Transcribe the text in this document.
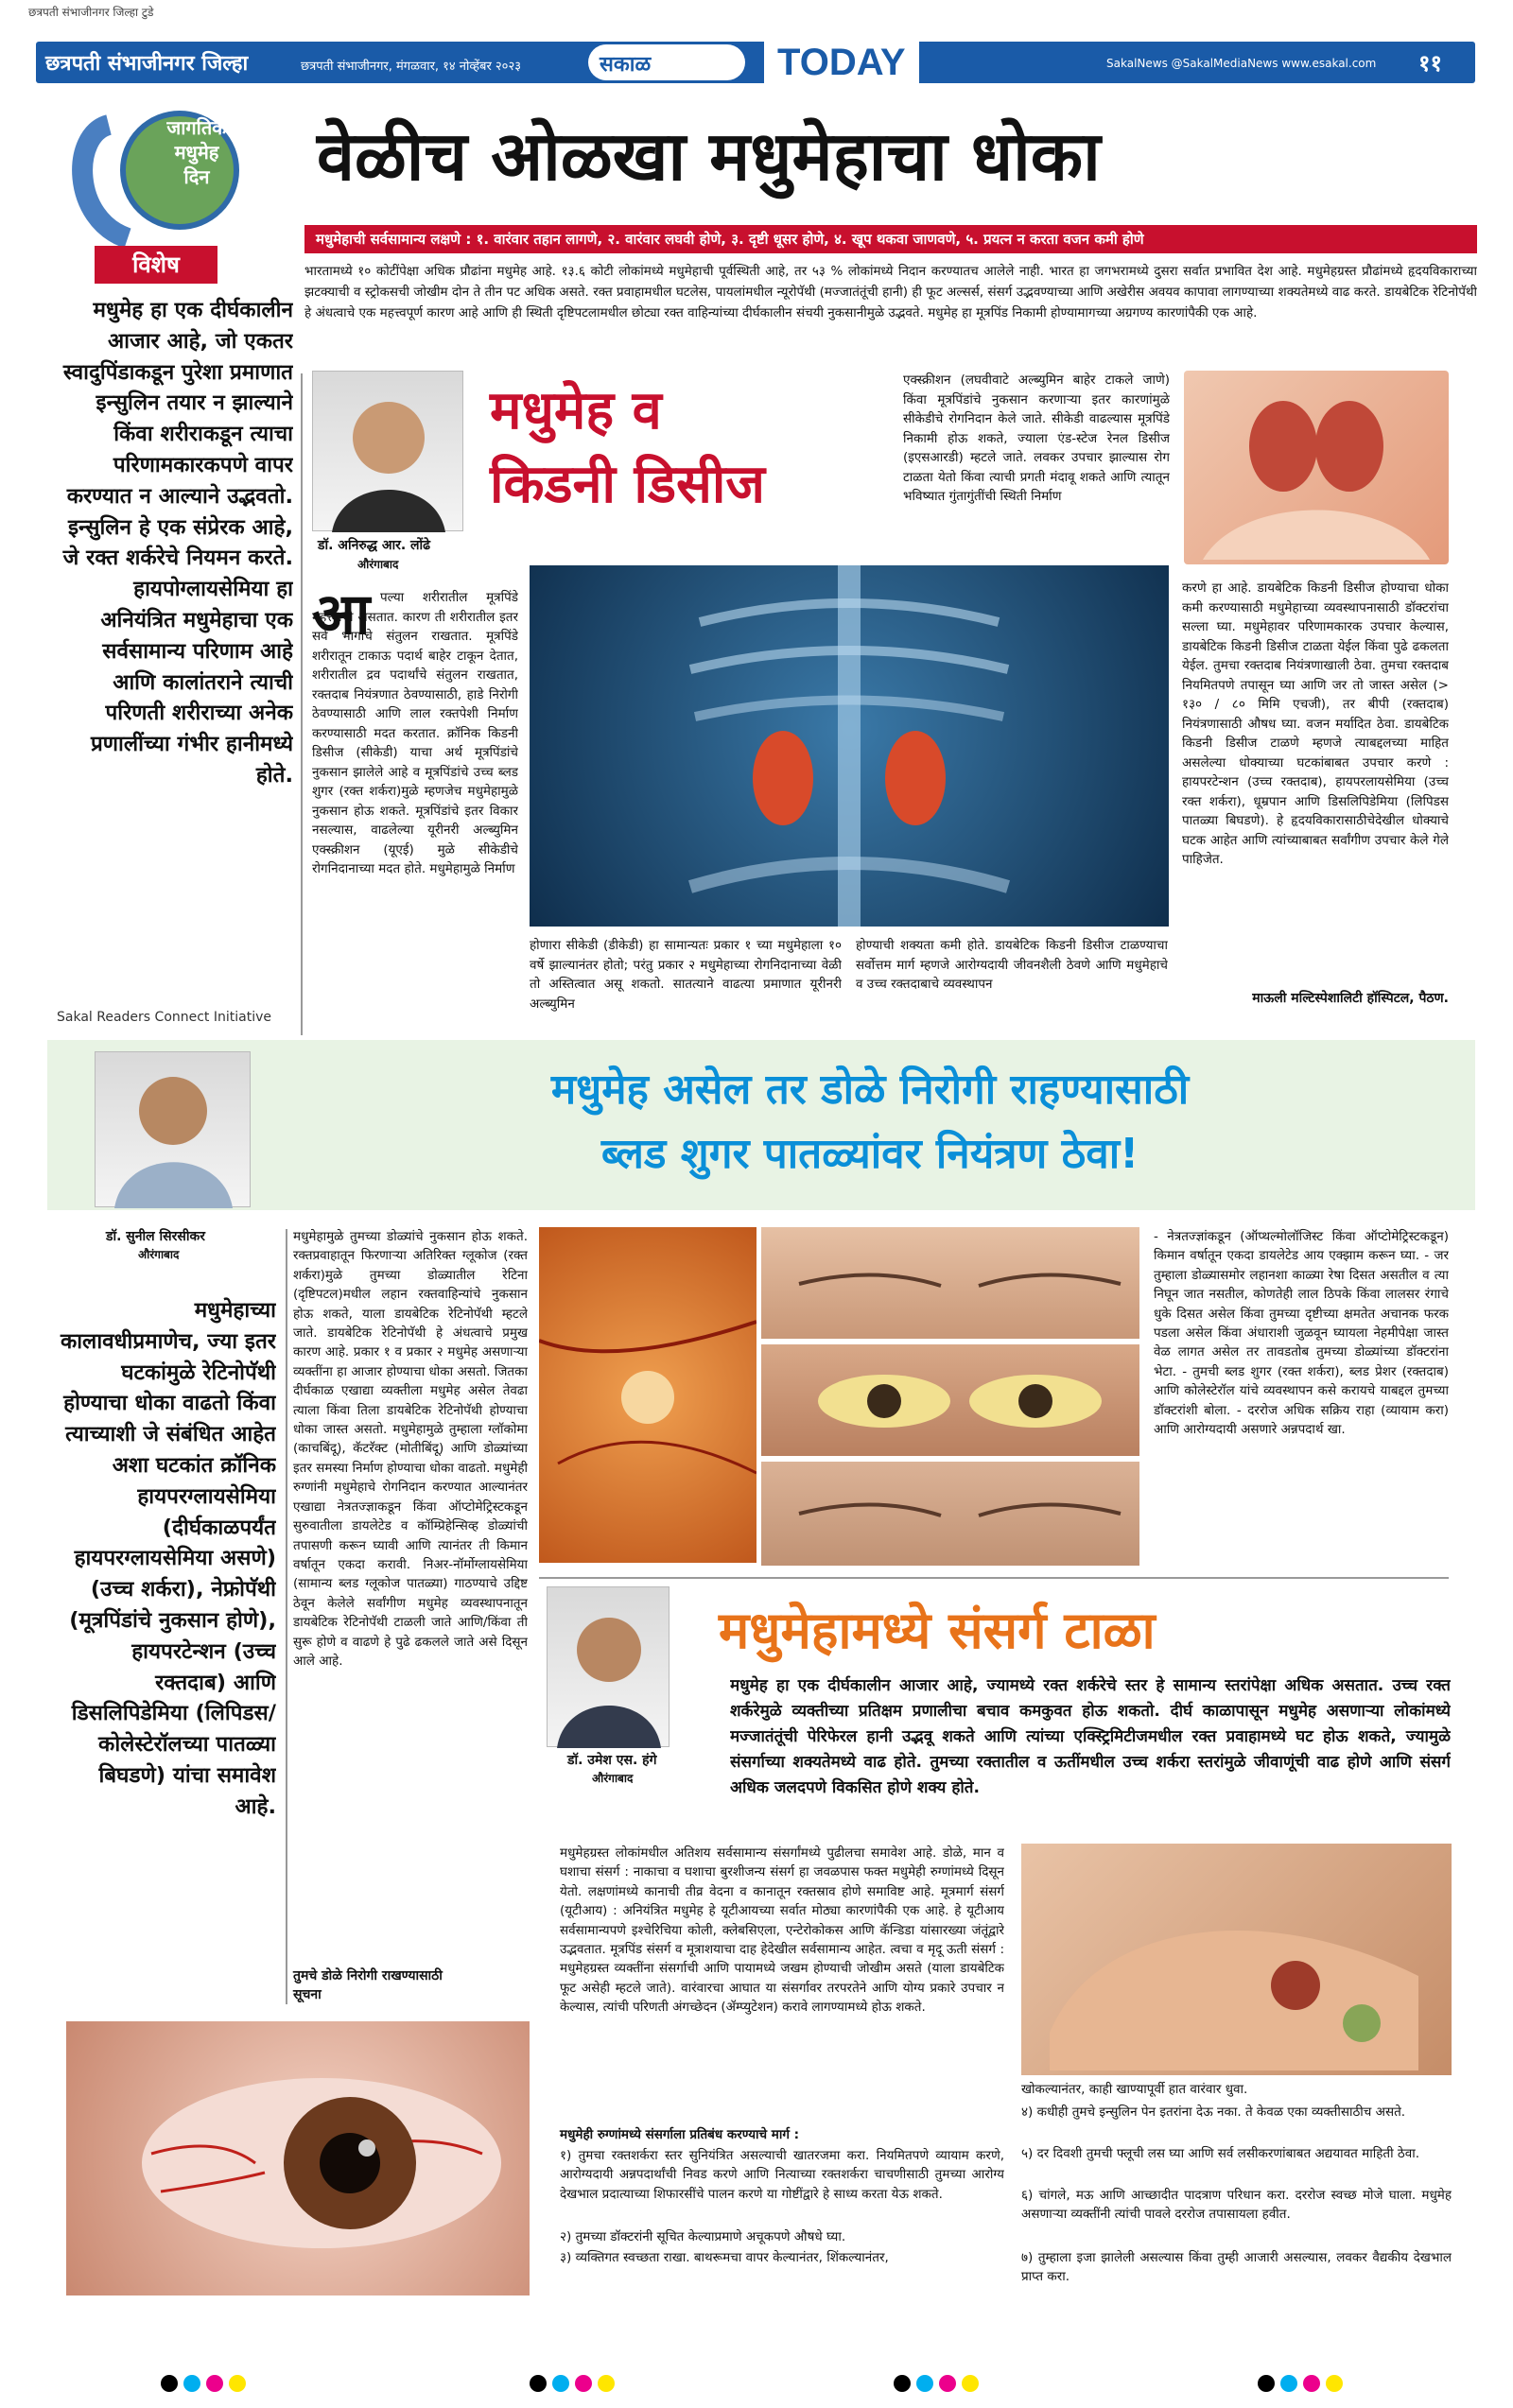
छत्रपती संभाजीनगर जिल्हा टुडे
छत्रपती संभाजीनगर जिल्हा	छत्रपती संभाजीनगर, मंगळवार, १४ नोव्हेंबर २०२३	सकाळ	TODAY	SakalNews @SakalMediaNews www.esakal.com ११
जागतिक
मधुमेह
दिन
विशेष
वेळीच ओळखा मधुमेहाचा धोका
मधुमेहाची सर्वसामान्य लक्षणे : १. वारंवार तहान लागणे, २. वारंवार लघवी होणे, ३. दृष्टी धूसर होणे, ४. खूप थकवा जाणवणे, ५. प्रयत्न न करता वजन कमी होणे
भारतामध्ये १० कोटींपेक्षा अधिक प्रौढांना मधुमेह आहे. १३.६ कोटी लोकांमध्ये मधुमेहाची पूर्वस्थिती आहे, तर ५३ % लोकांमध्ये निदान करण्यातच आलेले नाही. भारत हा जगभरामध्ये दुसरा सर्वात प्रभावित देश आहे. मधुमेहग्रस्त प्रौढांमध्ये हृदयविकाराच्या झटक्याची व स्ट्रोकसची जोखीम दोन ते तीन पट अधिक असते. रक्त प्रवाहामधील घटलेस, पायलांमधील न्यूरोपॅथी (मज्जातंतूंची हानी) ही फूट अल्सर्स, संसर्ग उद्भवण्याच्या आणि अखेरीस अवयव कापावा लागण्याच्या शक्यतेमध्ये वाढ करते. डायबेटिक रेटिनोपॅथी हे अंधत्वाचे एक महत्त्वपूर्ण कारण आहे आणि ही स्थिती दृष्टिपटलामधील छोट्या रक्त वाहिन्यांच्या दीर्घकालीन संचयी नुकसानीमुळे उद्भवते. मधुमेह हा मूत्रपिंड निकामी होण्यामागच्या अग्रगण्य कारणांपैकी एक आहे.
मधुमेह हा एक दीर्घकालीन आजार आहे, जो एकतर स्वादुपिंडाकडून पुरेशा प्रमाणात इन्सुलिन तयार न झाल्याने किंवा शरीराकडून त्याचा परिणामकारकपणे वापर करण्यात न आल्याने उद्भवतो. इन्सुलिन हे एक संप्रेरक आहे, जे रक्त शर्करेचे नियमन करते. हायपोग्लायसेमिया हा अनियंत्रित मधुमेहाचा एक सर्वसामान्य परिणाम आहे आणि कालांतराने त्याची परिणती शरीराच्या अनेक प्रणालींच्या गंभीर हानीमध्ये होते.
Sakal Readers Connect Initiative
डॉ. अनिरुद्ध आर. लोंढे
औरंगाबाद
मधुमेह व
किडनी डिसीज
आ पल्या शरीरातील मूत्रपिंडे महत्त्वाची असतात. कारण ती शरीरातील इतर सर्व भागांचे संतुलन राखतात. मूत्रपिंडे शरीरातून टाकाऊ पदार्थ बाहेर टाकून देतात, शरीरातील द्रव पदार्थांचे संतुलन राखतात, रक्तदाब नियंत्रणात ठेवण्यासाठी, हाडे निरोगी ठेवण्यासाठी आणि लाल रक्तपेशी निर्माण करण्यासाठी मदत करतात. क्रॉनिक किडनी डिसीज (सीकेडी) याचा अर्थ मूत्रपिंडांचे नुकसान झालेले आहे व मूत्रपिंडांचे उच्च ब्लड शुगर (रक्त शर्करा)मुळे म्हणजेच मधुमेहामुळे नुकसान होऊ शकते. मूत्रपिंडांचे इतर विकार नसल्यास, वाढलेल्या यूरीनरी अल्ब्युमिन एक्स्क्रीशन (यूएई) मुळे सीकेडीचे रोगनिदानाच्या मदत होते. मधुमेहामुळे निर्माण
एक्स्क्रीशन (लघवीवाटे अल्ब्युमिन बाहेर टाकले जाणे) किंवा मूत्रपिंडांचे नुकसान करणाऱ्या इतर कारणांमुळे सीकेडीचे रोगनिदान केले जाते. सीकेडी वाढल्यास मूत्रपिंडे निकामी होऊ शकते, ज्याला एंड-स्टेज रेनल डिसीज (इएसआरडी) म्हटले जाते. लवकर उपचार झाल्यास रोग टाळता येतो किंवा त्याची प्रगती मंदावू शकते आणि त्यातून भविष्यात गुंतागुंतींची स्थिती निर्माण
करणे हा आहे. डायबेटिक किडनी डिसीज होण्याचा धोका कमी करण्यासाठी मधुमेहाच्या व्यवस्थापनासाठी डॉक्टरांचा सल्ला घ्या. मधुमेहावर परिणामकारक उपचार केल्यास, डायबेटिक किडनी डिसीज टाळता येईल किंवा पुढे ढकलता येईल. तुमचा रक्तदाब नियंत्रणाखाली ठेवा. तुमचा रक्तदाब नियमितपणे तपासून घ्या आणि जर तो जास्त असेल (> १३० / ८० मिमि एचजी), तर बीपी (रक्तदाब) नियंत्रणासाठी औषध घ्या. वजन मर्यादित ठेवा. डायबेटिक किडनी डिसीज टाळणे म्हणजे त्याबद्दलच्या माहित असलेल्या धोक्याच्या घटकांबाबत उपचार करणे : हायपरटेन्शन (उच्च रक्तदाब), हायपरलायसेमिया (उच्च रक्त शर्करा), धूम्रपान आणि डिसलिपिडेमिया (लिपिडस पातळ्या बिघडणे). हे हृदयविकारासाठीचेदेखील धोक्याचे घटक आहेत आणि त्यांच्याबाबत सर्वांगीण उपचार केले गेले पाहिजेत.
होणारा सीकेडी (डीकेडी) हा सामान्यतः प्रकार १ च्या मधुमेहाला १० वर्षे झाल्यानंतर होतो; परंतु प्रकार २ मधुमेहाच्या रोगनिदानाच्या वेळी तो अस्तित्वात असू शकतो. सातत्याने वाढत्या प्रमाणात यूरीनरी अल्ब्युमिन
होण्याची शक्यता कमी होते. डायबेटिक किडनी डिसीज टाळण्याचा सर्वोत्तम मार्ग म्हणजे आरोग्यदायी जीवनशैली ठेवणे आणि मधुमेहाचे व उच्च रक्तदाबाचे व्यवस्थापन
माऊली मल्टिस्पेशालिटी हॉस्पिटल, पैठण.
मधुमेह असेल तर डोळे निरोगी राहण्यासाठी
ब्लड शुगर पातळ्यांवर नियंत्रण ठेवा!
डॉ. सुनील सिरसीकर
औरंगाबाद
मधुमेहाच्या कालावधीप्रमाणेच, ज्या इतर घटकांमुळे रेटिनोपॅथी होण्याचा धोका वाढतो किंवा त्याच्याशी जे संबंधित आहेत अशा घटकांत क्रॉनिक हायपरग्लायसेमिया (दीर्घकाळपर्यंत हायपरग्लायसेमिया असणे) (उच्च शर्करा), नेफ्रोपॅथी (मूत्रपिंडांचे नुकसान होणे), हायपरटेन्शन (उच्च रक्तदाब) आणि डिसलिपिडेमिया (लिपिडस/ कोलेस्टेरॉलच्या पातळ्या बिघडणे) यांचा समावेश आहे.
मधुमेहामुळे तुमच्या डोळ्यांचे नुकसान होऊ शकते. रक्तप्रवाहातून फिरणाऱ्या अतिरिक्त ग्लूकोज (रक्त शर्करा)मुळे तुमच्या डोळ्यातील रेटिना (दृष्टिपटल)मधील लहान रक्तवाहिन्यांचे नुकसान होऊ शकते, याला डायबेटिक रेटिनोपॅथी म्हटले जाते. डायबेटिक रेटिनोपॅथी हे अंधत्वाचे प्रमुख कारण आहे. प्रकार १ व प्रकार २ मधुमेह असणाऱ्या व्यक्तींना हा आजार होण्याचा धोका असतो. जितका दीर्घकाळ एखाद्या व्यक्तीला मधुमेह असेल तेवढा त्याला किंवा तिला डायबेटिक रेटिनोपॅथी होण्याचा धोका जास्त असतो. मधुमेहामुळे तुम्हाला ग्लॉकोमा (काचबिंदू), कॅटरॅक्ट (मोतीबिंदू) आणि डोळ्यांच्या इतर समस्या निर्माण होण्याचा धोका वाढतो. मधुमेही रुग्णांनी मधुमेहाचे रोगनिदान करण्यात आल्यानंतर एखाद्या नेत्रतज्ज्ञाकडून किंवा ऑप्टोमेट्रिस्टकडून सुरुवातीला डायलेटेड व कॉम्प्रिहेन्सिव्ह डोळ्यांची तपासणी करून घ्यावी आणि त्यानंतर ती किमान वर्षातून एकदा करावी. निअर-नॉर्मोग्लायसेमिया (सामान्य ब्लड ग्लूकोज पातळ्या) गाठण्याचे उद्दिष्ट ठेवून केलेले सर्वांगीण मधुमेह व्यवस्थापनातून डायबेटिक रेटिनोपॅथी टाळली जाते आणि/किंवा ती सुरू होणे व वाढणे हे पुढे ढकलले जाते असे दिसून आले आहे.
तुमचे डोळे निरोगी राखण्यासाठी
सूचना
- नेत्रतज्ज्ञांकडून (ऑप्थल्मोलॉजिस्ट किंवा ऑप्टोमेट्रिस्टकडून) किमान वर्षातून एकदा डायलेटेड आय एक्झाम करून घ्या. - जर तुम्हाला डोळ्यासमोर लहानशा काळ्या रेषा दिसत असतील व त्या निघून जात नसतील, कोणतेही लाल ठिपके किंवा लालसर रंगाचे धुके दिसत असेल किंवा तुमच्या दृष्टीच्या क्षमतेत अचानक फरक पडला असेल किंवा अंधाराशी जुळवून घ्यायला नेहमीपेक्षा जास्त वेळ लागत असेल तर तावडतोब तुमच्या डोळ्यांच्या डॉक्टरांना भेटा. - तुमची ब्लड शुगर (रक्त शर्करा), ब्लड प्रेशर (रक्तदाब) आणि कोलेस्टेरॉल यांचे व्यवस्थापन कसे करायचे याबद्दल तुमच्या डॉक्टरांशी बोला. - दररोज अधिक सक्रिय राहा (व्यायाम करा) आणि आरोग्यदायी असणारे अन्नपदार्थ खा.
डॉ. उमेश एस. हंगे
औरंगाबाद
मधुमेहामध्ये संसर्ग टाळा
मधुमेह हा एक दीर्घकालीन आजार आहे, ज्यामध्ये रक्त शर्करेचे स्तर हे सामान्य स्तरांपेक्षा अधिक असतात. उच्च रक्त शर्करेमुळे व्यक्तीच्या प्रतिक्षम प्रणालीचा बचाव कमकुवत होऊ शकतो. दीर्घ काळापासून मधुमेह असणाऱ्या लोकांमध्ये मज्जातंतूंची पेरिफेरल हानी उद्भवू शकते आणि त्यांच्या एक्स्ट्रिमिटीजमधील रक्त प्रवाहामध्ये घट होऊ शकते, ज्यामुळे संसर्गाच्या शक्यतेमध्ये वाढ होते. तुमच्या रक्तातील व ऊतींमधील उच्च शर्करा स्तरांमुळे जीवाणूंची वाढ होणे आणि संसर्ग अधिक जलदपणे विकसित होणे शक्य होते.
मधुमेहग्रस्त लोकांमधील अतिशय सर्वसामान्य संसर्गांमध्ये पुढीलचा समावेश आहे. डोळे, मान व घशाचा संसर्ग : नाकाचा व घशाचा बुरशीजन्य संसर्ग हा जवळपास फक्त मधुमेही रुग्णांमध्ये दिसून येतो. लक्षणांमध्ये कानाची तीव्र वेदना व कानातून रक्तस्राव होणे समाविष्ट आहे. मूत्रमार्ग संसर्ग (यूटीआय) : अनियंत्रित मधुमेह हे यूटीआयच्या सर्वात मोठ्या कारणांपैकी एक आहे. हे यूटीआय सर्वसामान्यपणे इश्चेरिचिया कोली, क्लेबसिएला, एन्टेरोकोकस आणि कॅन्डिडा यांसारख्या जंतूंद्वारे उद्भवतात. मूत्रपिंड संसर्ग व मूत्राशयाचा दाह हेदेखील सर्वसामान्य आहेत. त्वचा व मृदू ऊती संसर्ग : मधुमेहग्रस्त व्यक्तींना संसर्गाची आणि पायामध्ये जखम होण्याची जोखीम असते (याला डायबेटिक फूट असेही म्हटले जाते). वारंवारचा आघात या संसर्गावर तरपरतेने आणि योग्य प्रकारे उपचार न केल्यास, त्यांची परिणती अंगच्छेदन (ॲम्प्युटेशन) करावे लागण्यामध्ये होऊ शकते.
मधुमेही रुग्णांमध्ये संसर्गाला प्रतिबंध करण्याचे मार्ग :
१) तुमचा रक्तशर्करा स्तर सुनियंत्रित असल्याची खातरजमा करा. नियमितपणे व्यायाम करणे, आरोग्यदायी अन्नपदार्थांची निवड करणे आणि नित्याच्या रक्तशर्करा चाचणीसाठी तुमच्या आरोग्य देखभाल प्रदात्याच्या शिफारसींचे पालन करणे या गोष्टींद्वारे हे साध्य करता येऊ शकते.
२) तुमच्या डॉक्टरांनी सूचित केल्याप्रमाणे अचूकपणे औषधे घ्या.
३) व्यक्तिगत स्वच्छता राखा. बाथरूमचा वापर केल्यानंतर, शिंकल्यानंतर,
खोकल्यानंतर, काही खाण्यापूर्वी हात वारंवार धुवा.
४) कधीही तुमचे इन्सुलिन पेन इतरांना देऊ नका. ते केवळ एका व्यक्तीसाठीच असते.
५) दर दिवशी तुमची फ्लूची लस घ्या आणि सर्व लसीकरणांबाबत अद्ययावत माहिती ठेवा.
६) चांगले, मऊ आणि आच्छादीत पादत्राण परिधान करा. दररोज स्वच्छ मोजे घाला. मधुमेह असणाऱ्या व्यक्तींनी त्यांची पावले दररोज तपासायला हवीत.
७) तुम्हाला इजा झालेली असल्यास किंवा तुम्ही आजारी असल्यास, लवकर वैद्यकीय देखभाल प्राप्त करा.
